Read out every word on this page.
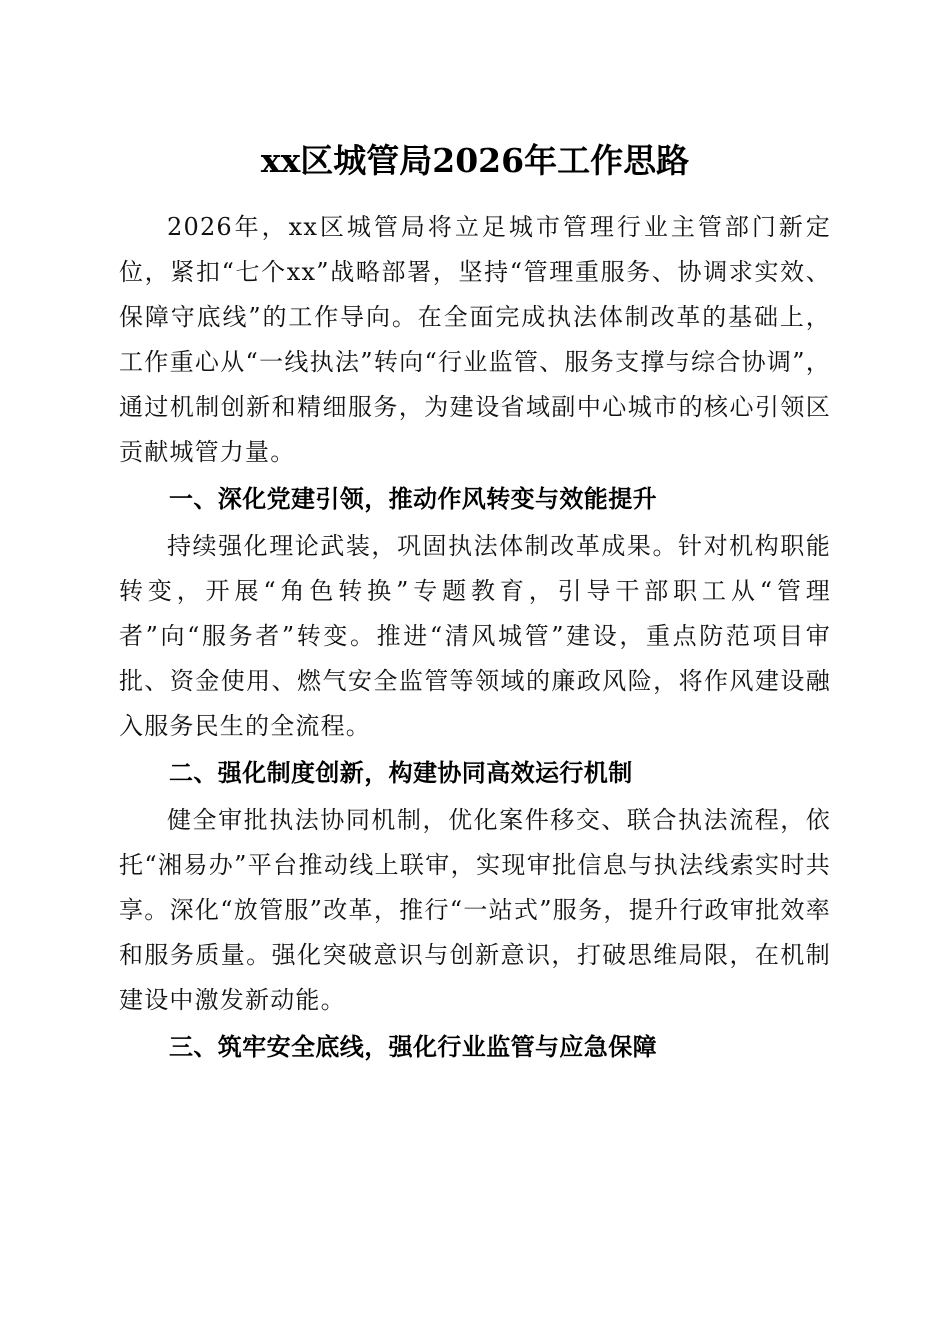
xx区城管局2026年工作思路

2026年，xx区城管局将立足城市管理行业主管部门新定位，紧扣“七个xx”战略部署，坚持“管理重服务、协调求实效、保障守底线”的工作导向。在全面完成执法体制改革的基础上，工作重心从“一线执法”转向“行业监管、服务支撑与综合协调”，通过机制创新和精细服务，为建设省域副中心城市的核心引领区贡献城管力量。

一、深化党建引领，推动作风转变与效能提升

持续强化理论武装，巩固执法体制改革成果。针对机构职能转变，开展“角色转换”专题教育，引导干部职工从“管理者”向“服务者”转变。推进“清风城管”建设，重点防范项目审批、资金使用、燃气安全监管等领域的廉政风险，将作风建设融入服务民生的全流程。

二、强化制度创新，构建协同高效运行机制

健全审批执法协同机制，优化案件移交、联合执法流程，依托“湘易办”平台推动线上联审，实现审批信息与执法线索实时共享。深化“放管服”改革，推行“一站式”服务，提升行政审批效率和服务质量。强化突破意识与创新意识，打破思维局限，在机制建设中激发新动能。

三、筑牢安全底线，强化行业监管与应急保障
